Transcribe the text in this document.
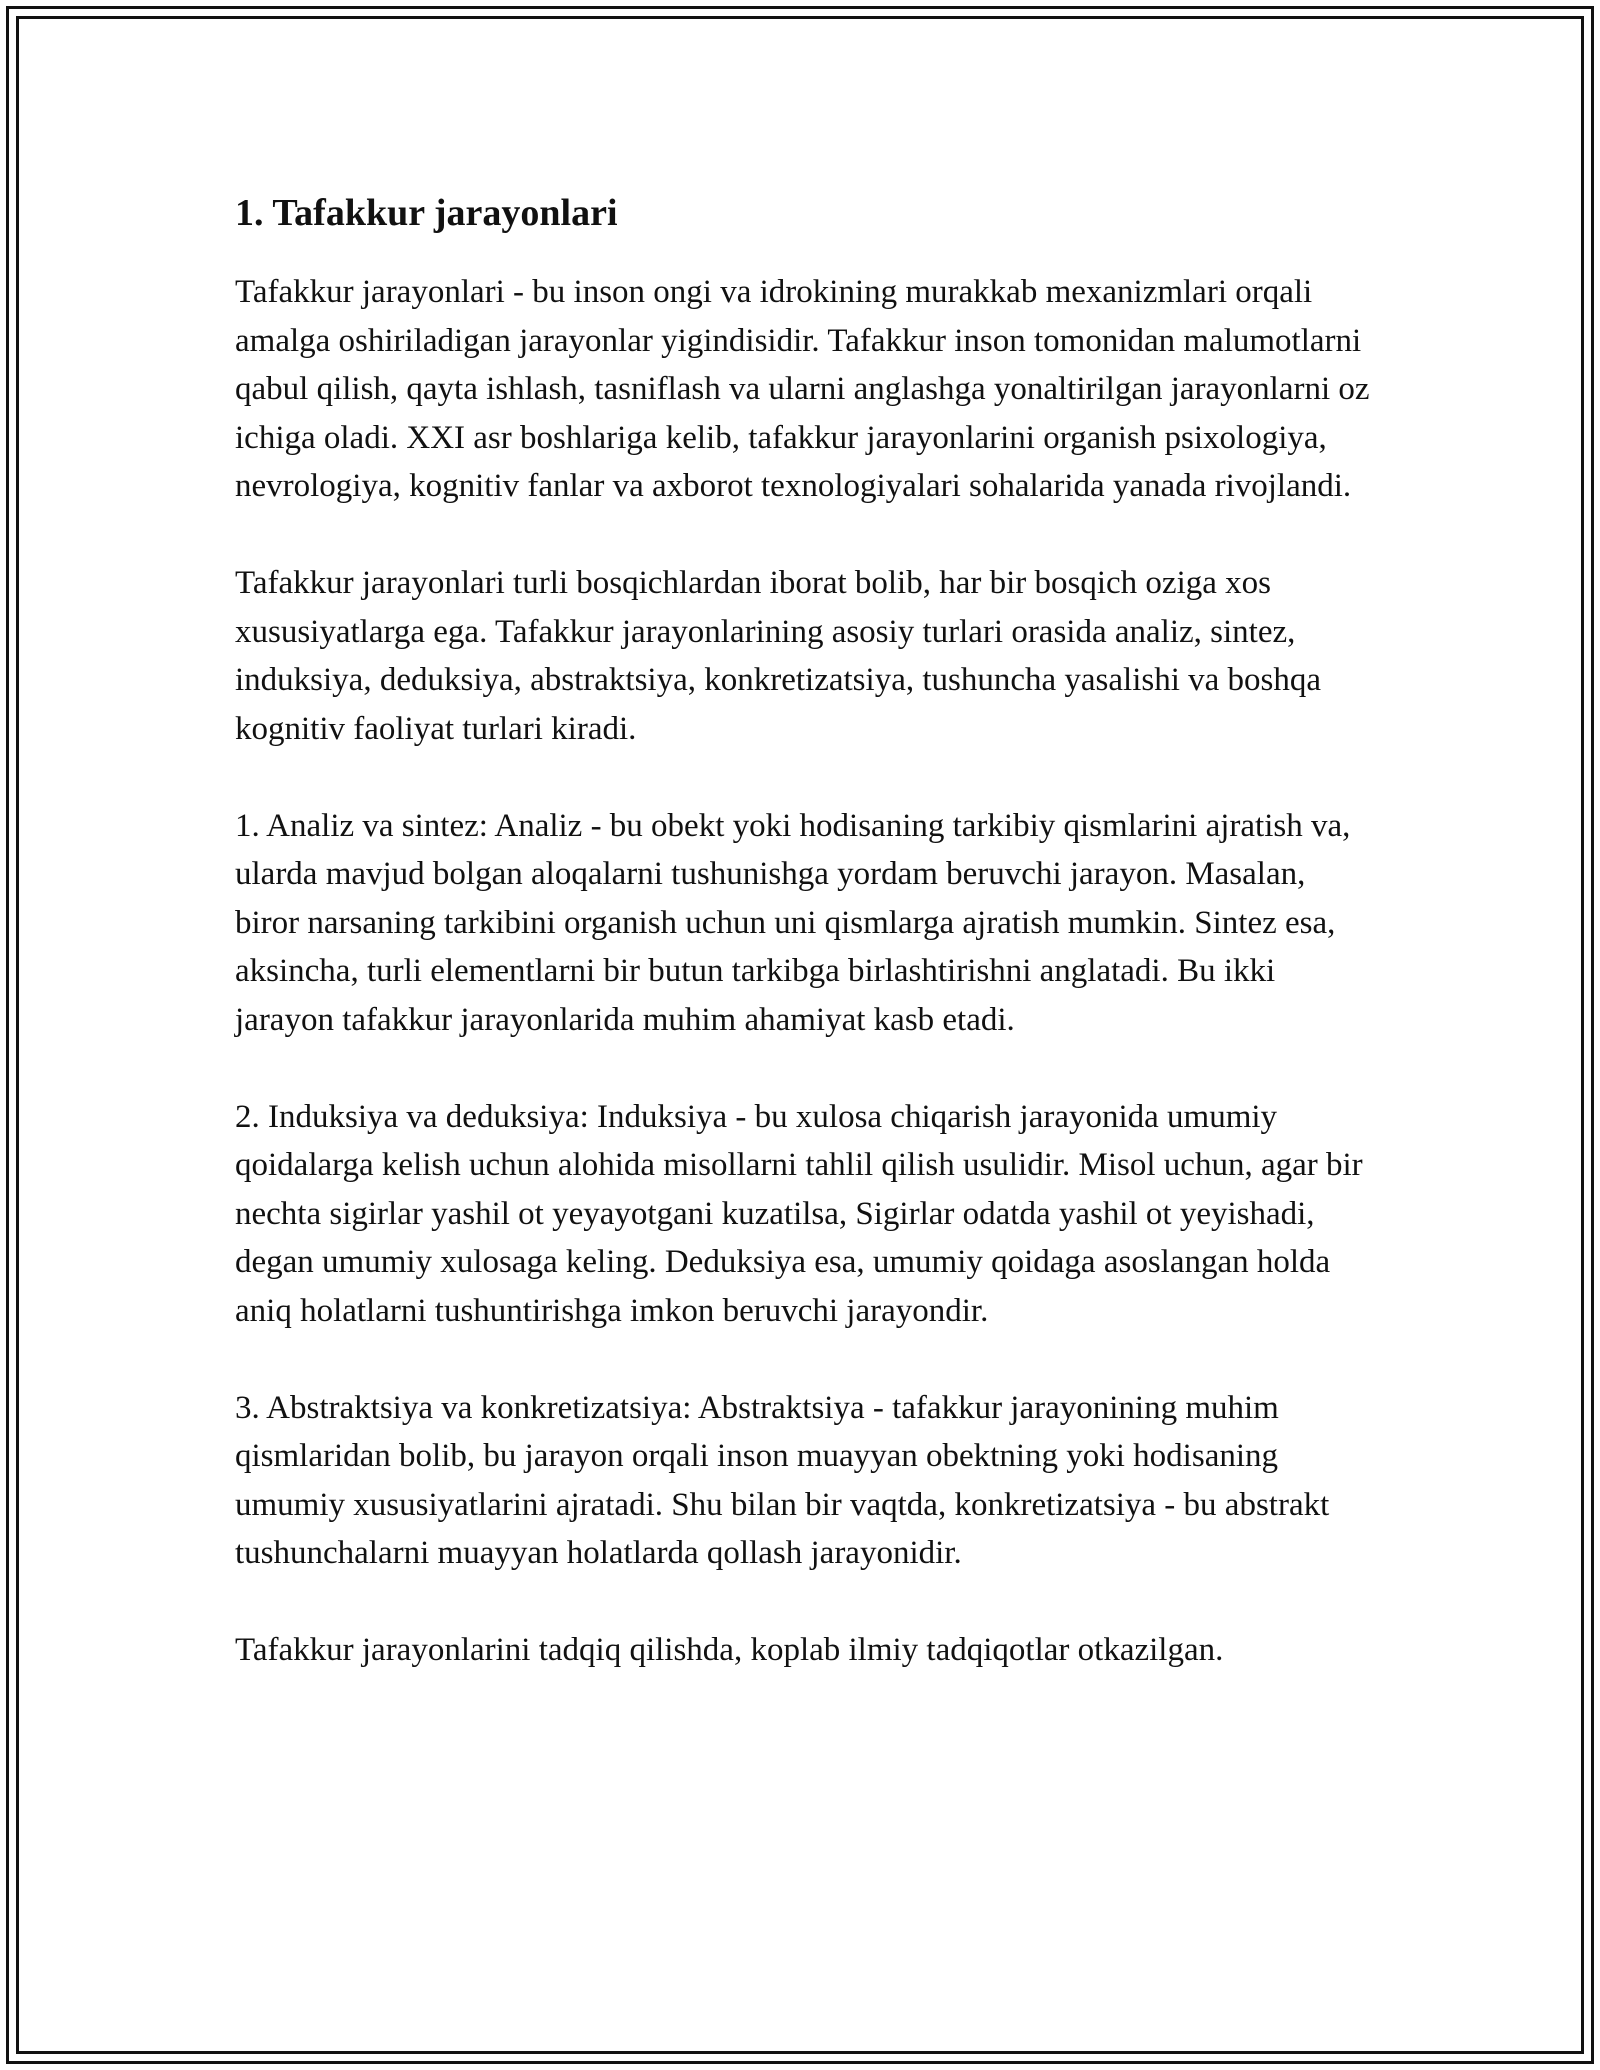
1. Tafakkur jarayonlari

Tafakkur jarayonlari - bu inson ongi va idrokining murakkab mexanizmlari orqali amalga oshiriladigan jarayonlar yigindisidir. Tafakkur inson tomonidan malumotlarni qabul qilish, qayta ishlash, tasniflash va ularni anglashga yonaltirilgan jarayonlarni oz ichiga oladi. XXI asr boshlariga kelib, tafakkur jarayonlarini organish psixologiya, nevrologiya, kognitiv fanlar va axborot texnologiyalari sohalarida yanada rivojlandi.

Tafakkur jarayonlari turli bosqichlardan iborat bolib, har bir bosqich oziga xos xususiyatlarga ega. Tafakkur jarayonlarining asosiy turlari orasida analiz, sintez, induksiya, deduksiya, abstraktsiya, konkretizatsiya, tushuncha yasalishi va boshqa kognitiv faoliyat turlari kiradi.

1. Analiz va sintez: Analiz - bu obekt yoki hodisaning tarkibiy qismlarini ajratish va, ularda mavjud bolgan aloqalarni tushunishga yordam beruvchi jarayon. Masalan, biror narsaning tarkibini organish uchun uni qismlarga ajratish mumkin. Sintez esa, aksincha, turli elementlarni bir butun tarkibga birlashtirishni anglatadi. Bu ikki jarayon tafakkur jarayonlarida muhim ahamiyat kasb etadi.

2. Induksiya va deduksiya: Induksiya - bu xulosa chiqarish jarayonida umumiy qoidalarga kelish uchun alohida misollarni tahlil qilish usulidir. Misol uchun, agar bir nechta sigirlar yashil ot yeyayotgani kuzatilsa, Sigirlar odatda yashil ot yeyishadi, degan umumiy xulosaga keling. Deduksiya esa, umumiy qoidaga asoslangan holda aniq holatlarni tushuntirishga imkon beruvchi jarayondir.

3. Abstraktsiya va konkretizatsiya: Abstraktsiya - tafakkur jarayonining muhim qismlaridan bolib, bu jarayon orqali inson muayyan obektning yoki hodisaning umumiy xususiyatlarini ajratadi. Shu bilan bir vaqtda, konkretizatsiya - bu abstrakt tushunchalarni muayyan holatlarda qollash jarayonidir.

Tafakkur jarayonlarini tadqiq qilishda, koplab ilmiy tadqiqotlar otkazilgan.
